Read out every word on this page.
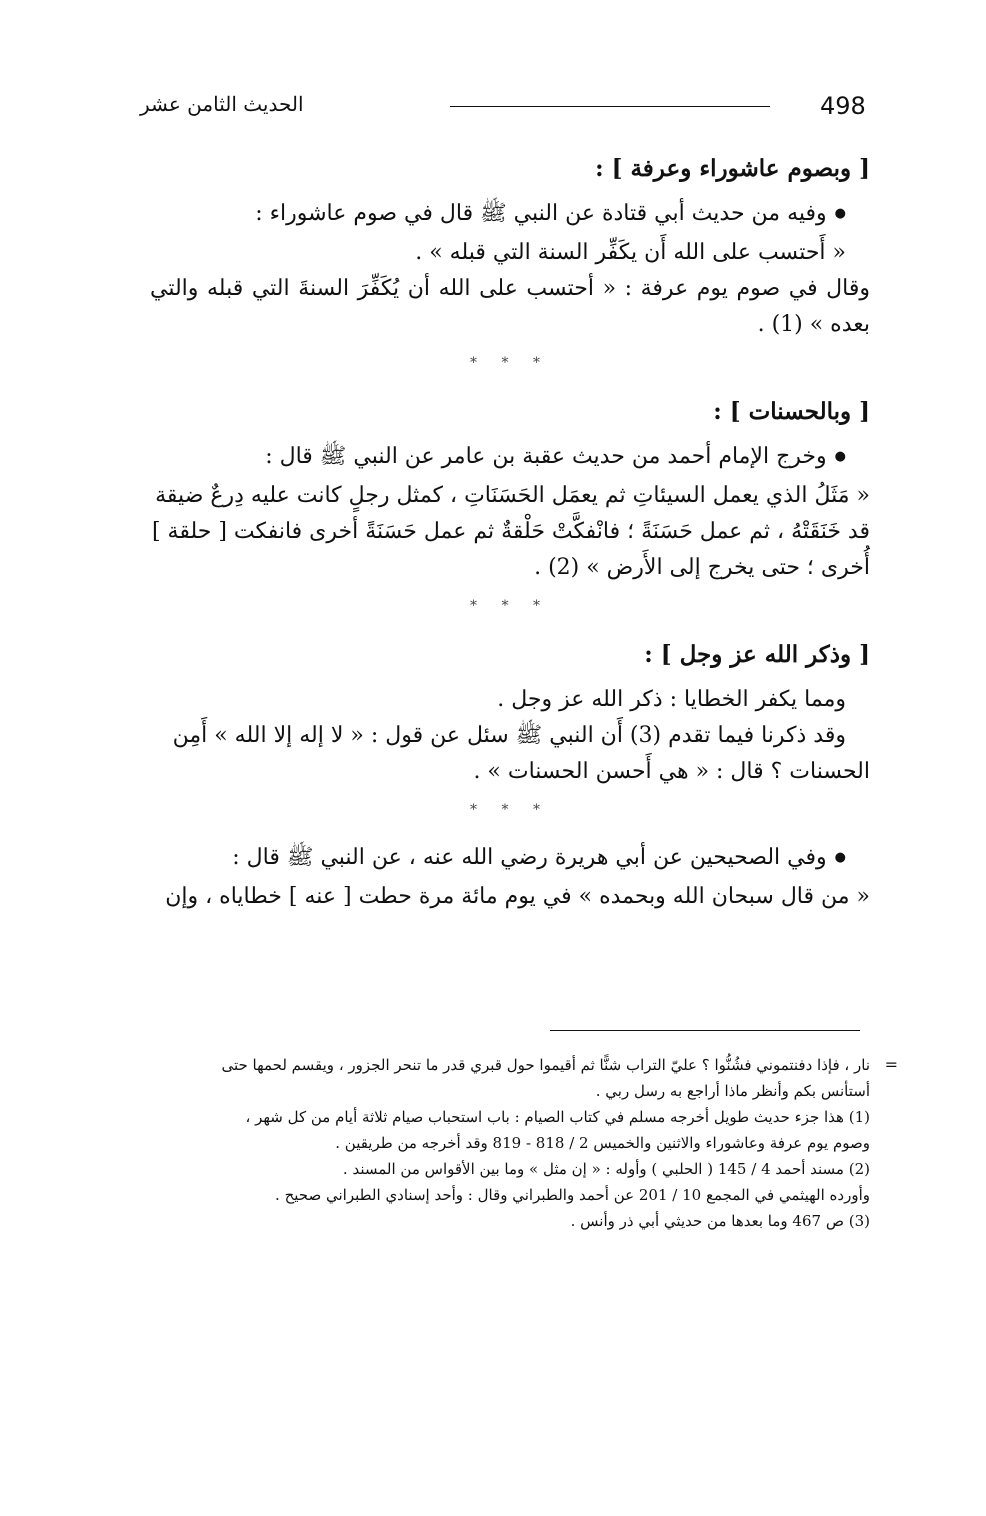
498
الحديث الثامن عشر

[ وبصوم عاشوراء وعرفة ] :

● وفيه من حديث أبي قتادة عن النبي ﷺ قال في صوم عاشوراء :

« أَحتسب على الله أَن يكَفِّر السنة التي قبله » .

وقال في صوم يوم عرفة : « أحتسب على الله أن يُكَفِّرَ السنةَ التي قبله والتي بعده » (1) .

* * *

[ وبالحسنات ] :

● وخرج الإمام أحمد من حديث عقبة بن عامر عن النبي ﷺ قال :

« مَثَلُ الذي يعمل السيئاتِ ثم يعمَل الحَسَنَاتِ ، كمثل رجلٍ كانت عليه دِرعٌ ضيقة

قد خَنَقَتْهُ ، ثم عمل حَسَنَةً ؛ فانْفكَّتْ حَلْقةٌ ثم عمل حَسَنَةً أخرى فانفكت [ حلقة ]

أُخرى ؛ حتى يخرج إلى الأَرض » (2) .

* * *

[ وذكر الله عز وجل ] :

ومما يكفر الخطايا : ذكر الله عز وجل .

وقد ذكرنا فيما تقدم (3) أَن النبي ﷺ سئل عن قول : « لا إله إلا الله » أَمِن

الحسنات ؟ قال : « هي أَحسن الحسنات » .

* * *

● وفي الصحيحين عن أبي هريرة رضي الله عنه ، عن النبي ﷺ قال :

« من قال سبحان الله وبحمده » في يوم مائة مرة حطت [ عنه ] خطاياه ، وإن

=

نار ، فإذا دفنتموني فشُنُّوا ؟ عليّ التراب شنًّا ثم أقيموا حول قبري قدر ما تنحر الجزور ، ويقسم لحمها حتى

أستأنس بكم وأنظر ماذا أراجع به رسل ربي .

(1) هذا جزء حديث طويل أخرجه مسلم في كتاب الصيام : باب استحباب صيام ثلاثة أيام من كل شهر ،

وصوم يوم عرفة وعاشوراء والاثنين والخميس 2 / 818 - 819 وقد أخرجه من طريقين .

(2) مسند أحمد 4 / 145 ( الحلبي ) وأوله : « إن مثل » وما بين الأقواس من المسند .

وأورده الهيثمي في المجمع 10 / 201 عن أحمد والطبراني وقال : وأحد إسنادي الطبراني صحيح .

(3) ص 467 وما بعدها من حديثي أبي ذر وأنس .
